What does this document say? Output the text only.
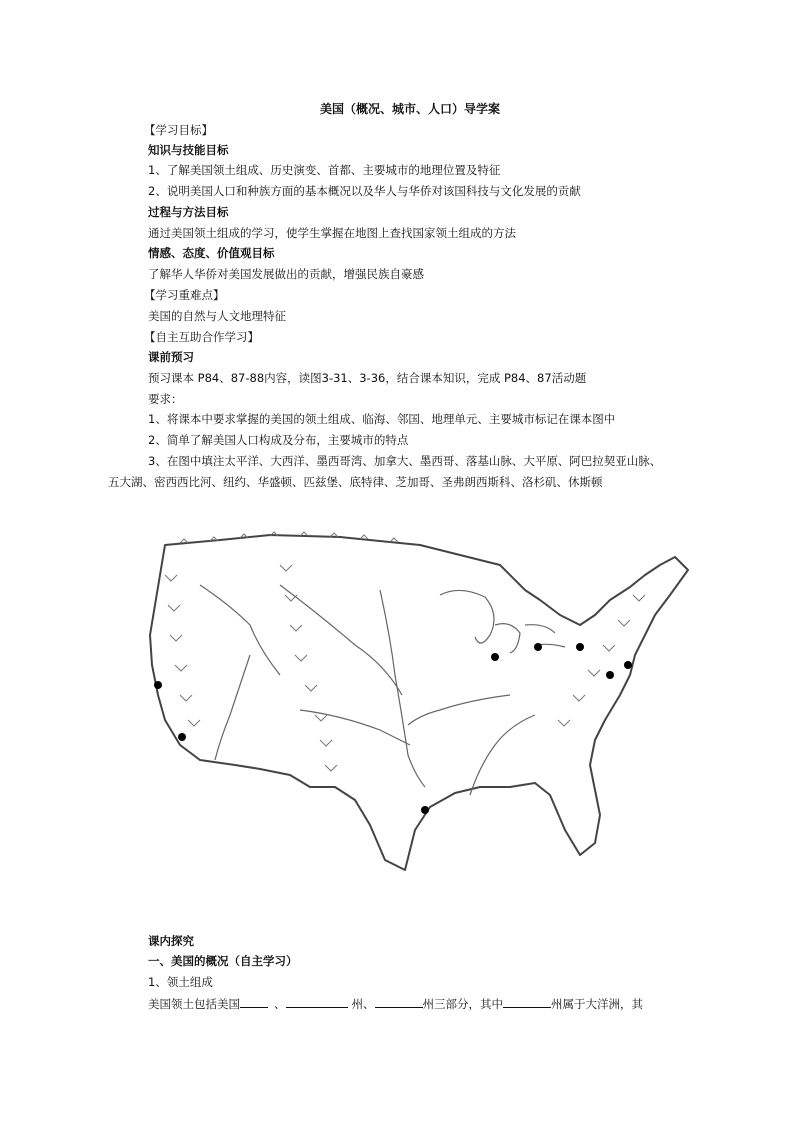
美国（概况、城市、人口）导学案
【学习目标】
知识与技能目标
1、了解美国领土组成、历史演变、首都、主要城市的地理位置及特征
2、说明美国人口和种族方面的基本概况以及华人与华侨对该国科技与文化发展的贡献
过程与方法目标
通过美国领土组成的学习，使学生掌握在地图上查找国家领土组成的方法
情感、态度、价值观目标
了解华人华侨对美国发展做出的贡献，增强民族自豪感
【学习重难点】
美国的自然与人文地理特征
【自主互助合作学习】
课前预习
预习课本 P84、87-88内容，读图3-31、3-36，结合课本知识，完成 P84、87活动题
要求：
1、将课本中要求掌握的美国的领土组成、临海、邻国、地理单元、主要城市标记在课本图中
2、简单了解美国人口构成及分布，主要城市的特点
3、在图中填注太平洋、大西洋、墨西哥湾、加拿大、墨西哥、落基山脉、大平原、阿巴拉契亚山脉、
五大湖、密西西比河、纽约、华盛顿、匹兹堡、底特律、芝加哥、圣弗朗西斯科、洛杉矶、休斯顿
课内探究
一、美国的概况（自主学习）
1、领土组成
美国领土包括美国	、	州、	州三部分，其中	州属于大洋洲，其
